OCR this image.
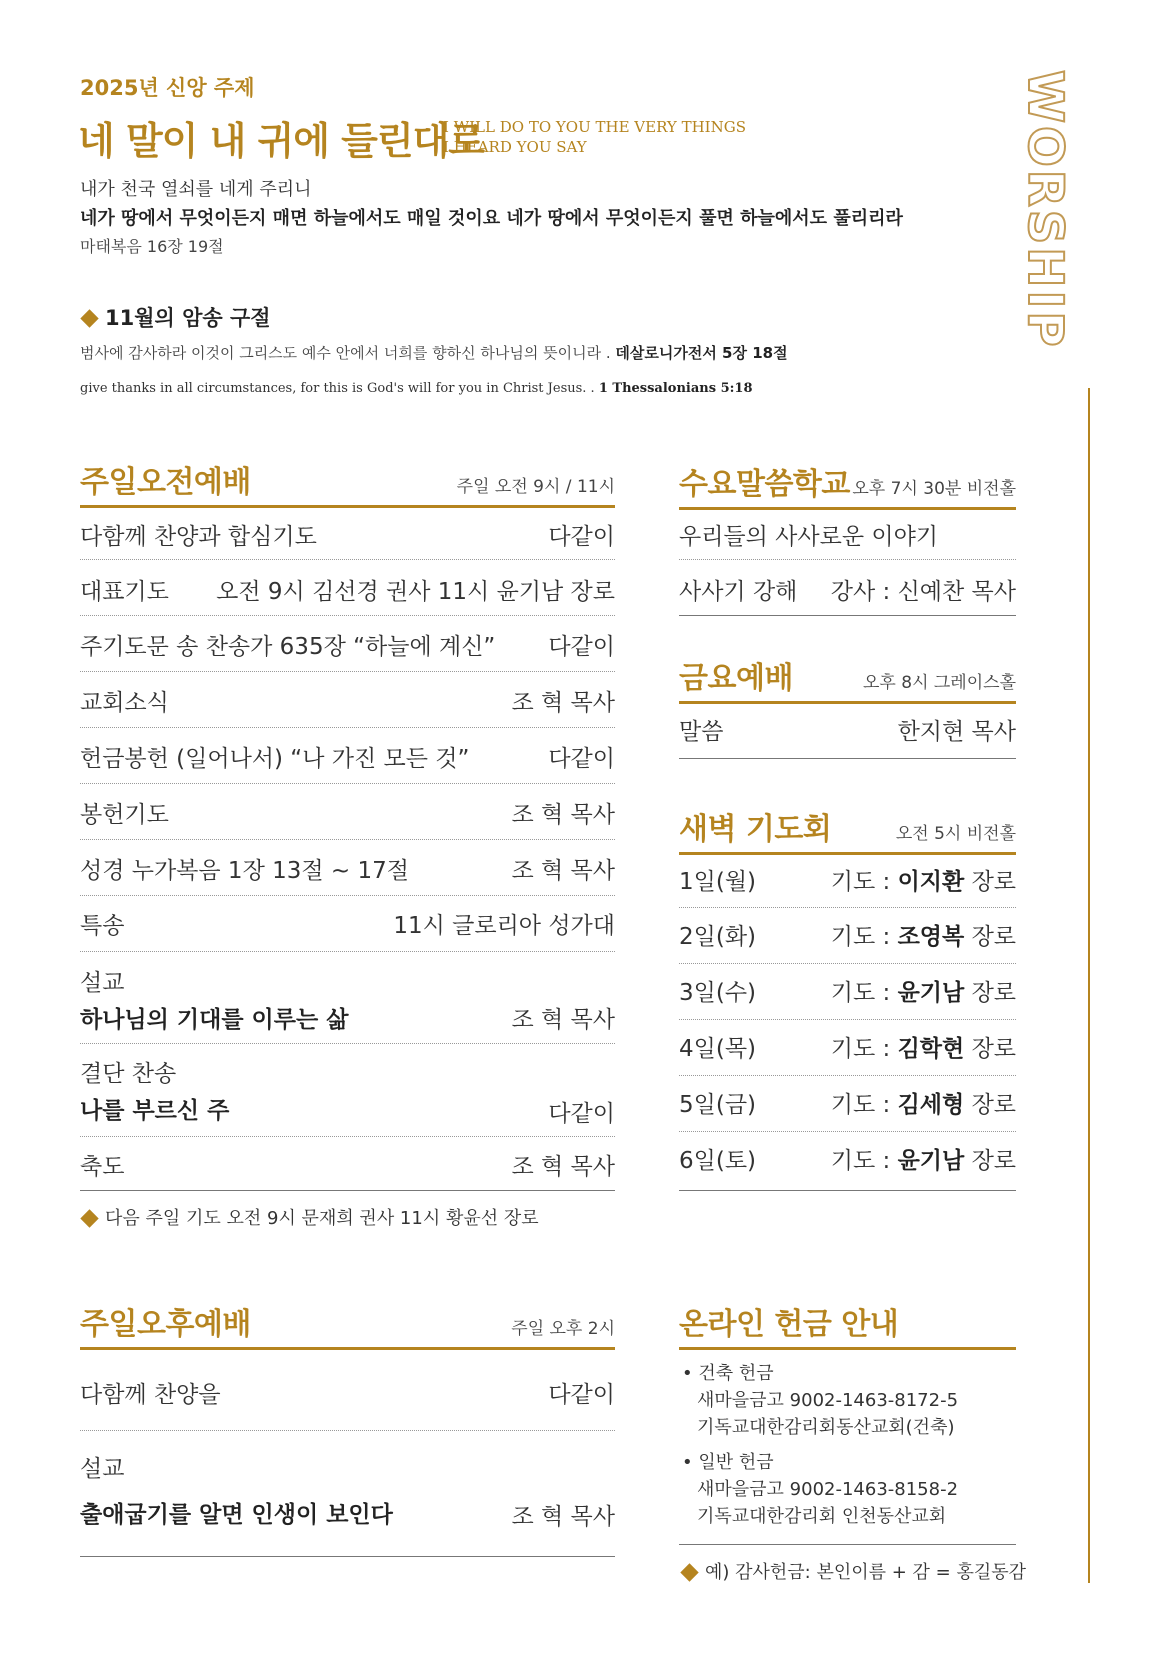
2025년 신앙 주제
네 말이 내 귀에 들린대로
I WILL DO TO YOU THE VERY THINGS
I HEARD YOU SAY
내가 천국 열쇠를 네게 주리니
네가 땅에서 무엇이든지 매면 하늘에서도 매일 것이요 네가 땅에서 무엇이든지 풀면 하늘에서도 풀리리라
마태복음 16장 19절
11월의 암송 구절
범사에 감사하라 이것이 그리스도 예수 안에서 너희를 향하신 하나님의 뜻이니라 . 데살로니가전서 5장 18절
give thanks in all circumstances, for this is God's will for you in Christ Jesus. . 1 Thessalonians 5:18
WORSHIP
주일오전예배	주일 오전 9시 / 11시
다함께 찬양과 합심기도	다같이
대표기도 오전 9시 김선경 권사 11시 윤기남 장로
주기도문 송 찬송가 635장 “하늘에 계신” 다같이
교회소식	조 혁 목사
헌금봉헌 (일어나서) “나 가진 모든 것”	다같이
봉헌기도	조 혁 목사
성경 누가복음 1장 13절 ~ 17절	조 혁 목사
특송	11시 글로리아 성가대
설교
하나님의 기대를 이루는 삶	조 혁 목사
결단 찬송
나를 부르신 주	다같이
축도	조 혁 목사
다음 주일 기도 오전 9시 문재희 권사 11시 황윤선 장로
주일오후예배	주일 오후 2시
다함께 찬양을	다같이
설교
출애굽기를 알면 인생이 보인다	조 혁 목사
수요말씀학교 오후 7시 30분 비전홀
우리들의 사사로운 이야기
사사기 강해 강사 : 신예찬 목사
금요예배	오후 8시 그레이스홀
말씀	한지현 목사
새벽 기도회	오전 5시 비전홀
1일(월)	기도 : 이지환 장로
2일(화)	기도 : 조영복 장로
3일(수)	기도 : 윤기남 장로
4일(목)	기도 : 김학현 장로
5일(금)	기도 : 김세형 장로
6일(토)	기도 : 윤기남 장로
온라인 헌금 안내
• 건축 헌금
새마을금고 9002-1463-8172-5
기독교대한감리회동산교회(건축)
• 일반 헌금
새마을금고 9002-1463-8158-2
기독교대한감리회 인천동산교회
예) 감사헌금: 본인이름 + 감 = 홍길동감
